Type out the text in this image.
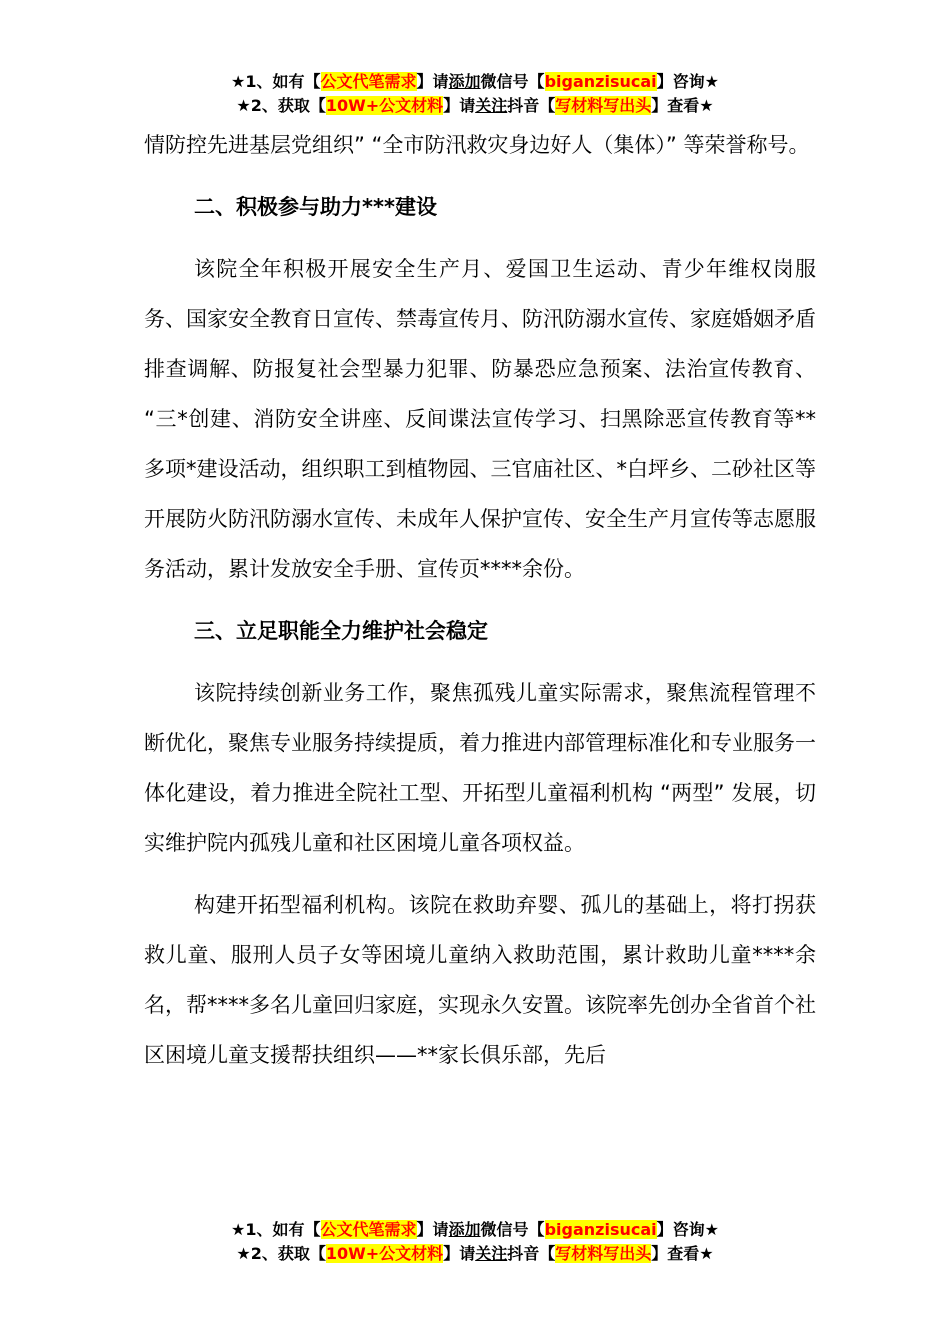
★1、如有【公文代笔需求】请添加微信号【biganzisucai】咨询★
★2、获取【10W+公文材料】请关注抖音【写材料写出头】查看★

情防控先进基层党组织” “全市防汛救灾身边好人（集体）” 等荣誉称号。

二、积极参与助力***建设

该院全年积极开展安全生产月、爱国卫生运动、青少年维权岗服务、国家安全教育日宣传、禁毒宣传月、防汛防溺水宣传、家庭婚姻矛盾排查调解、防报复社会型暴力犯罪、防暴恐应急预案、法治宣传教育、 “三*创建、消防安全讲座、反间谍法宣传学习、扫黑除恶宣传教育等**多项*建设活动，组织职工到植物园、三官庙社区、*白坪乡、二砂社区等开展防火防汛防溺水宣传、未成年人保护宣传、安全生产月宣传等志愿服务活动，累计发放安全手册、宣传页****余份。

三、立足职能全力维护社会稳定

该院持续创新业务工作，聚焦孤残儿童实际需求，聚焦流程管理不断优化，聚焦专业服务持续提质，着力推进内部管理标准化和专业服务一体化建设，着力推进全院社工型、开拓型儿童福利机构 “两型” 发展，切实维护院内孤残儿童和社区困境儿童各项权益。

构建开拓型福利机构。该院在救助弃婴、孤儿的基础上，将打拐获救儿童、服刑人员子女等困境儿童纳入救助范围，累计救助儿童****余名，帮****多名儿童回归家庭，实现永久安置。该院率先创办全省首个社区困境儿童支援帮扶组织——**家长俱乐部，先后

★1、如有【公文代笔需求】请添加微信号【biganzisucai】咨询★
★2、获取【10W+公文材料】请关注抖音【写材料写出头】查看★
